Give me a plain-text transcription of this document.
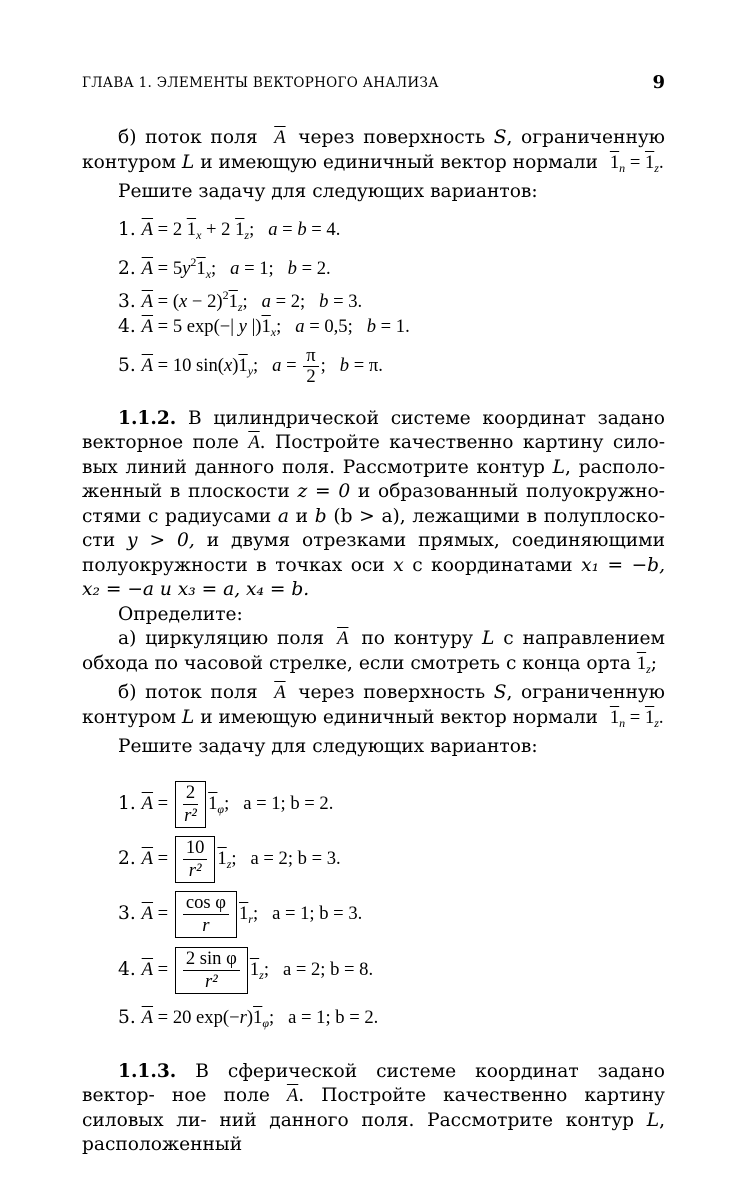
ГЛАВА 1. ЭЛЕМЕНТЫ ВЕКТОРНОГО АНАЛИЗА	9

б) поток поля $\overline{A}$ через поверхность S, ограниченную

контуром L и имеющую единичный вектор нормали $1_n = 1_z$.

Решите задачу для следующих вариантов:

1. $\overline{A} = 2$ $1_x + 2$ $1_z$;   a = b = 4.
2. $\overline{A} = 5y^21_x$;   a = 1;   b = 2.
3. $\overline{A} = (x - 2)^21_z$;   a = 2;   b = 3.
4. $\overline{A} = 5$ exp(−| y $|)1_x$;   a = 0,5;   b = 1.
5. $\overline{A} = 10$ $\sin(x)1_y$;   $a = \frac{\pi}{2}$ ;   b = π.

1.1.2. В цилиндрической системе координат задано векторное поле $\overline{A}$. Постройте качественно картину сило- вых линий данного поля. Рассмотрите контур L, располо- женный в плоскости z = 0 и образованный полуокружно- стями с радиусами a и b (b > a), лежащими в полуплоско- сти y > 0, и двумя отрезками прямых, соединяющими полуокружности в точках оси x с координатами x₁ = −b, x₂ = −a и x₃ = a, x₄ = b.

Определите:

а) циркуляцию поля $\overline{A}$ по контуру L с направлением обхода по часовой стрелке, если смотреть с конца орта $1_z$;

б) поток поля $\overline{A}$ через поверхность S, ограниченную

контуром L и имеющую единичный вектор нормали $1_n = 1_z$.

Решите задачу для следующих вариантов:

1. $\overline{A} = \frac{2}{\text{r²}} 1_\varphi$;   a = 1; b = 2.
2. $\overline{A} = \frac{10}{\text{r²}} 1_z$;   a = 2; b = 3.
3. $\overline{A} = \frac{\text{cos φ}}{r} 1_r$;   a = 1; b = 3.
4. $\overline{A} = \frac{\text{2 sin φ}}{\text{r²}} 1_z$;   a = 2; b = 8.
5. $\overline{A} = 20$ $\exp(-r)1_\varphi$;   a = 1; b = 2.

1.1.3. В сферической системе координат задано вектор- ное поле $\overline{A}$. Постройте качественно картину силовых ли- ний данного поля. Рассмотрите контур L, расположенный
